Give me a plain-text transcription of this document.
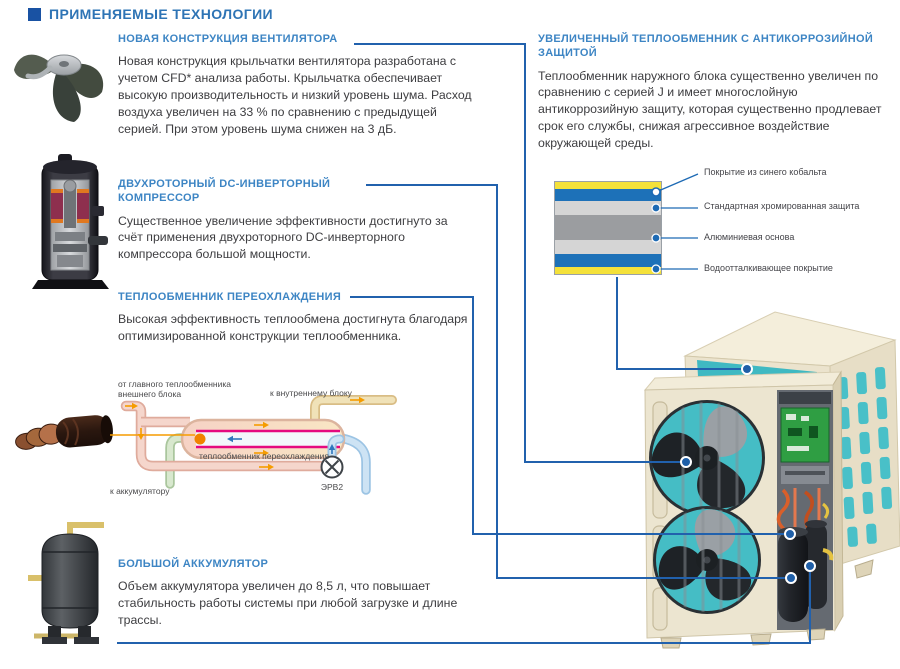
ПРИМЕНЯЕМЫЕ ТЕХНОЛОГИИ

НОВАЯ КОНСТРУКЦИЯ ВЕНТИЛЯТОРА

Новая конструкция крыльчатки вентилятора разработана с учетом CFD* анализа работы. Крыльчатка обеспечивает высокую производительность и низкий уровень шума. Расход воздуха увеличен на 33 % по сравнению с предыдущей серией. При этом уровень шума снижен на 3 дБ.

ДВУХРОТОРНЫЙ DC-ИНВЕРТОРНЫЙ КОМПРЕССОР

Существенное увеличение эффективности достигнуто за счёт применения двухроторного DC-инверторного компрессора большой мощности.

ТЕПЛООБМЕННИК ПЕРЕОХЛАЖДЕНИЯ

Высокая эффективность теплообмена достигнута благодаря оптимизированной конструкции теплообменника.

от главного теплообменника внешнего блока	к внутреннему блоку
теплообменник переохлаждения
к аккумулятору	ЭРВ2

БОЛЬШОЙ АККУМУЛЯТОР

Объем аккумулятора увеличен до 8,5 л, что повышает стабильность работы системы при любой загрузке и длине трассы.

УВЕЛИЧЕННЫЙ ТЕПЛООБМЕННИК С АНТИКОРРОЗИЙНОЙ ЗАЩИТОЙ

Теплообменник наружного блока существенно увеличен по сравнению с серией J и имеет многослойную антикоррозийную защиту, которая существенно продлевает срок его службы, снижая агрессивное воздействие окружающей среды.

Покрытие из синего кобальта
Стандартная хромированная защита
Алюминиевая основа
Водоотталкивающее покрытие
